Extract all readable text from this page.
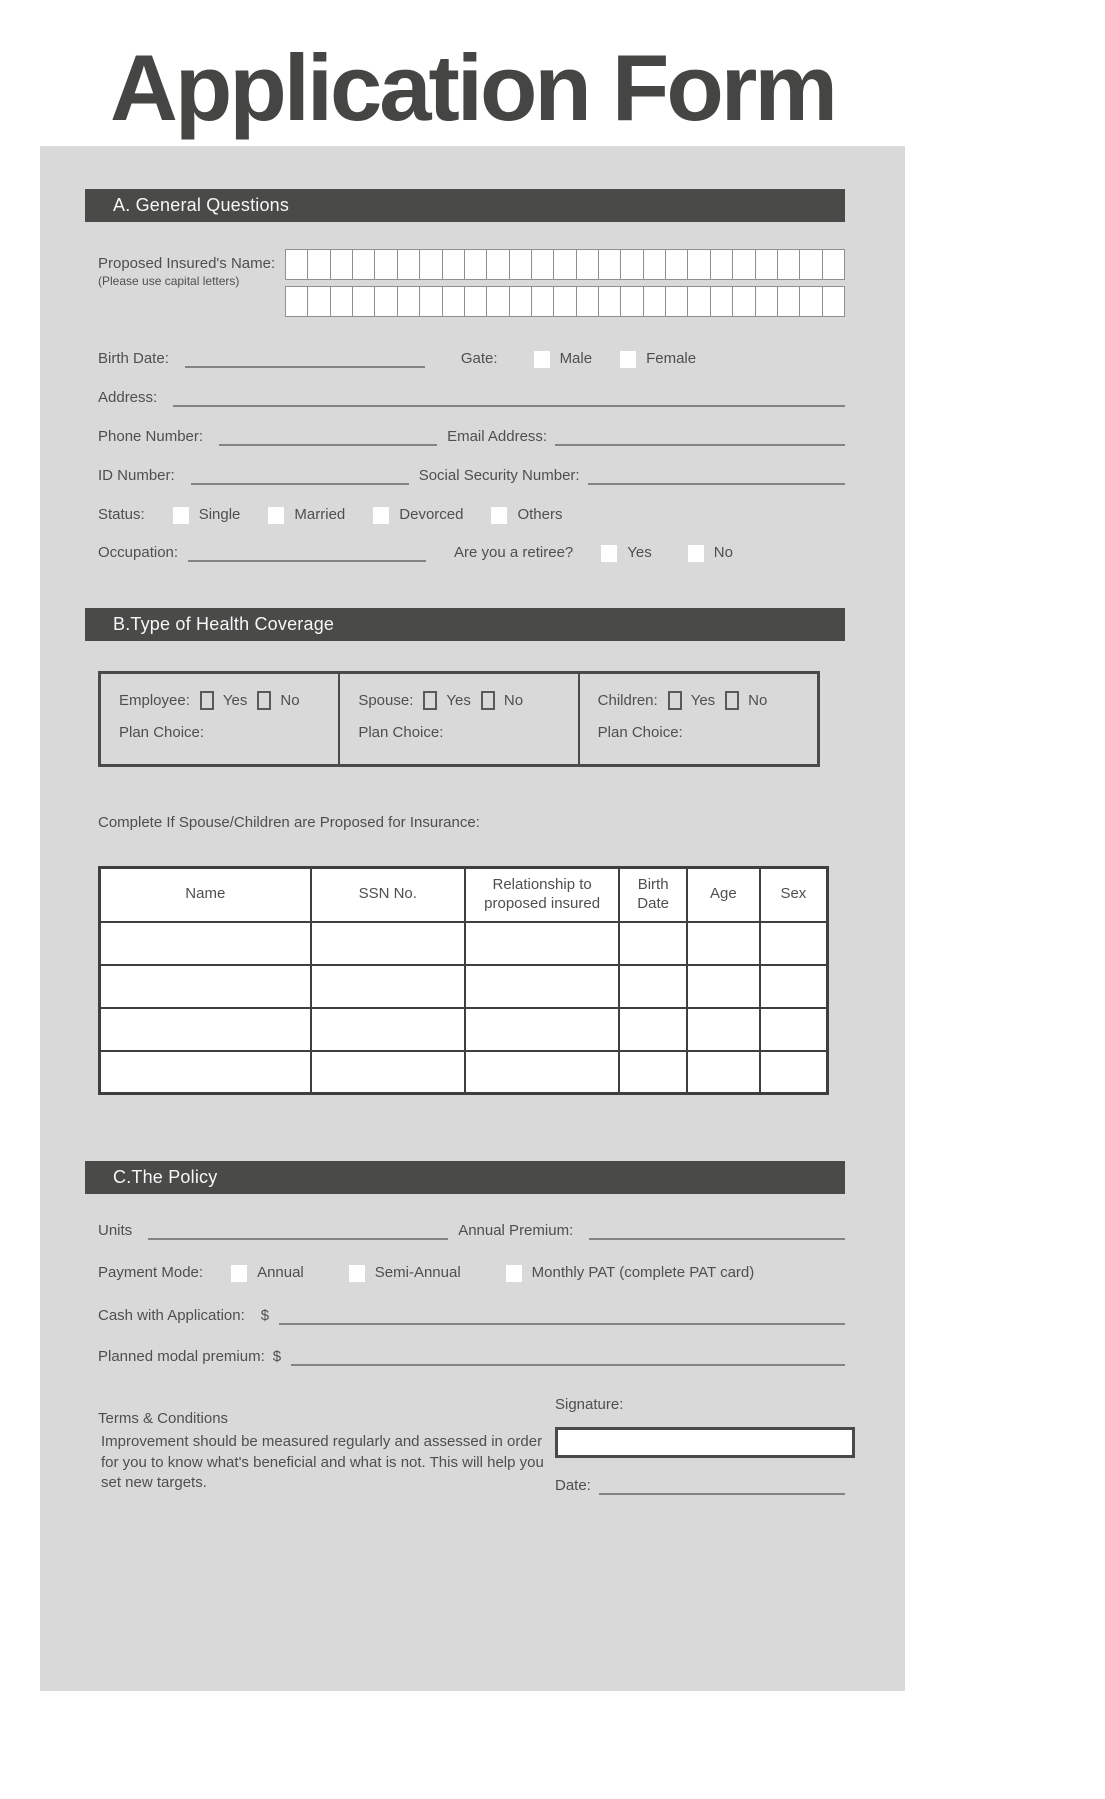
Application Form
A. General Questions
Proposed Insured's Name:
(Please use capital letters)
Birth Date:	Gate:	Male	Female
Address:
Phone Number:	Email Address:
ID Number:	Social Security Number:
Status:	Single	Married	Devorced	Others
Occupation:	Are you a retiree?	Yes	No
B.Type of Health Coverage
Employee: Yes No
Plan Choice:
Spouse: Yes No
Plan Choice:
Children: Yes No
Plan Choice:
Complete If Spouse/Children are Proposed for Insurance:
Name	SSN No.	Relationship to proposed insured	Birth Date	Age	Sex

C.The Policy
Units	Annual Premium:
Payment Mode:	Annual	Semi-Annual	Monthly PAT (complete PAT card)
Cash with Application: $
Planned modal premium: $
Terms & Conditions
Improvement should be measured regularly and assessed in order for you to know what's beneficial and what is not. This will help you set new targets.
Signature:
Date:
